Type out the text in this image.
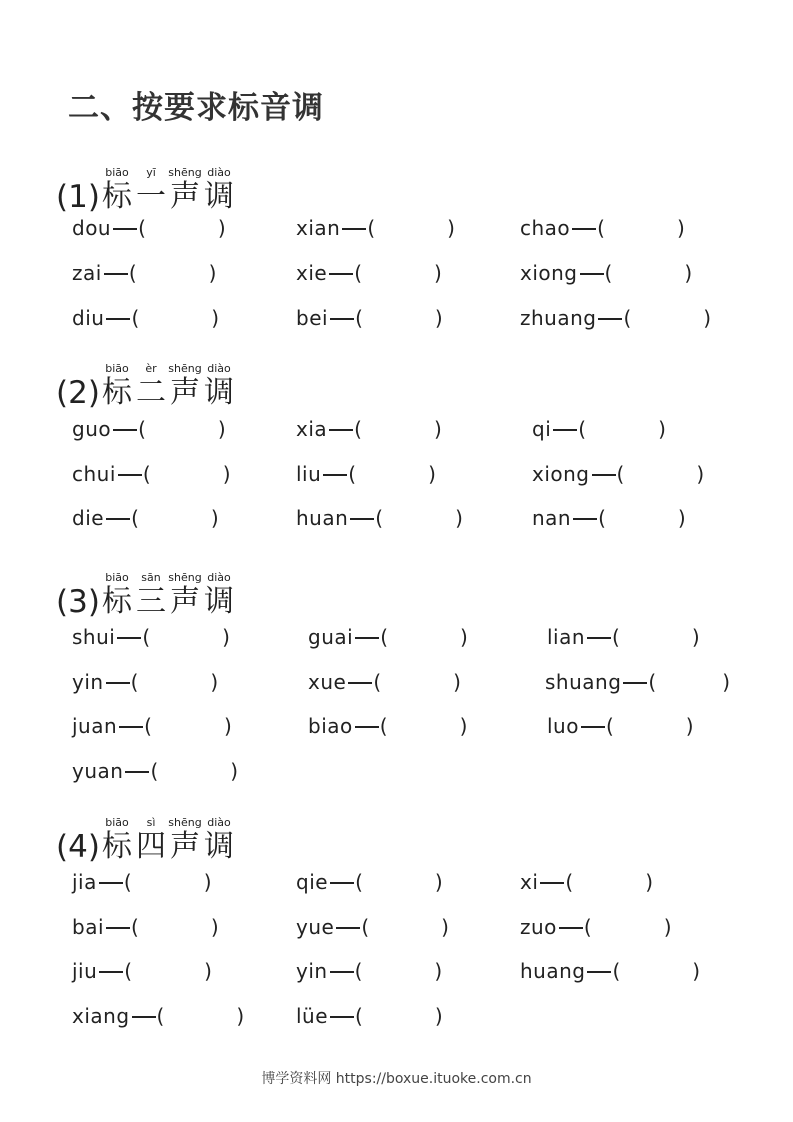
二、按要求标音调
(1)
biāo
标
yī
一
shēng
声
diào
调
dou (	)	xian (	)	chao (	)
zai (	)	xie (	)	xiong (	)
diu (	)	bei (	)	zhuang (	)
(2)
biāo
标
èr
二
shēng
声
diào
调
guo (	)	xia (	)	qi (	)
chui (	)	liu (	)	xiong (	)
die (	)	huan (	)	nan (	)
(3)
biāo
标
sān
三
shēng
声
diào
调
shui (	)	guai (	)	lian (	)
yin (	)	xue (	)	shuang (	)
juan (	)	biao (	)	luo (	)
yuan (	)
(4)
biāo
标
sì
四
shēng
声
diào
调
jia (	)	qie (	)	xi (	)
bai (	)	yue (	)	zuo (	)
jiu (	)	yin (	)	huang (	)
xiang (	)	lüe (	)
博学资料网 https://boxue.ituoke.com.cn
